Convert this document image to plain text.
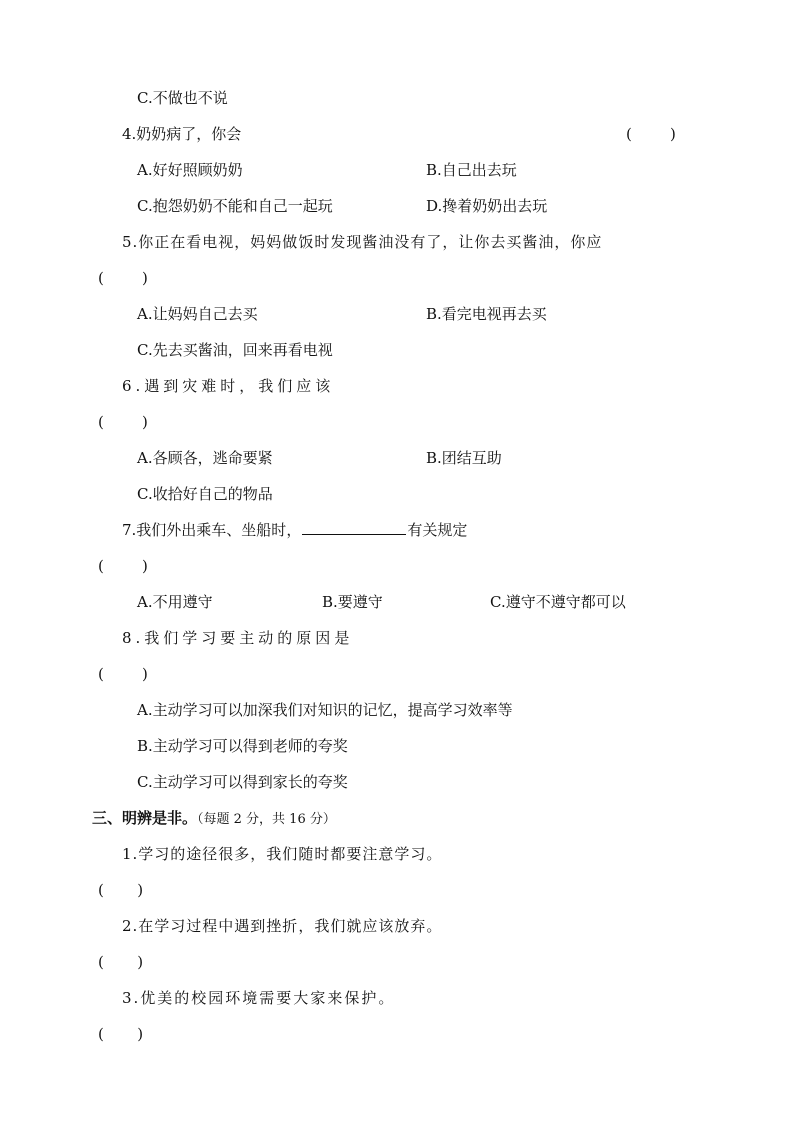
C.不做也不说
4.奶奶病了，你会	(        )
A.好好照顾奶奶	B.自己出去玩
C.抱怨奶奶不能和自己一起玩	D.搀着奶奶出去玩
5.你正在看电视，妈妈做饭时发现酱油没有了，让你去买酱油，你应
(        )
A.让妈妈自己去买	B.看完电视再去买
C.先去买酱油，回来再看电视
6.遇到灾难时，我们应该
(        )
A.各顾各，逃命要紧	B.团结互助
C.收拾好自己的物品
7.我们外出乘车、坐船时，	有关规定
(        )
A.不用遵守	B.要遵守	C.遵守不遵守都可以
8.我们学习要主动的原因是
(        )
A.主动学习可以加深我们对知识的记忆，提高学习效率等
B.主动学习可以得到老师的夸奖
C.主动学习可以得到家长的夸奖
三、明辨是非。（每题 2 分，共 16 分）
1.学习的途径很多，我们随时都要注意学习。
(       )
2.在学习过程中遇到挫折，我们就应该放弃。
(       )
3.优美的校园环境需要大家来保护。
(       )
